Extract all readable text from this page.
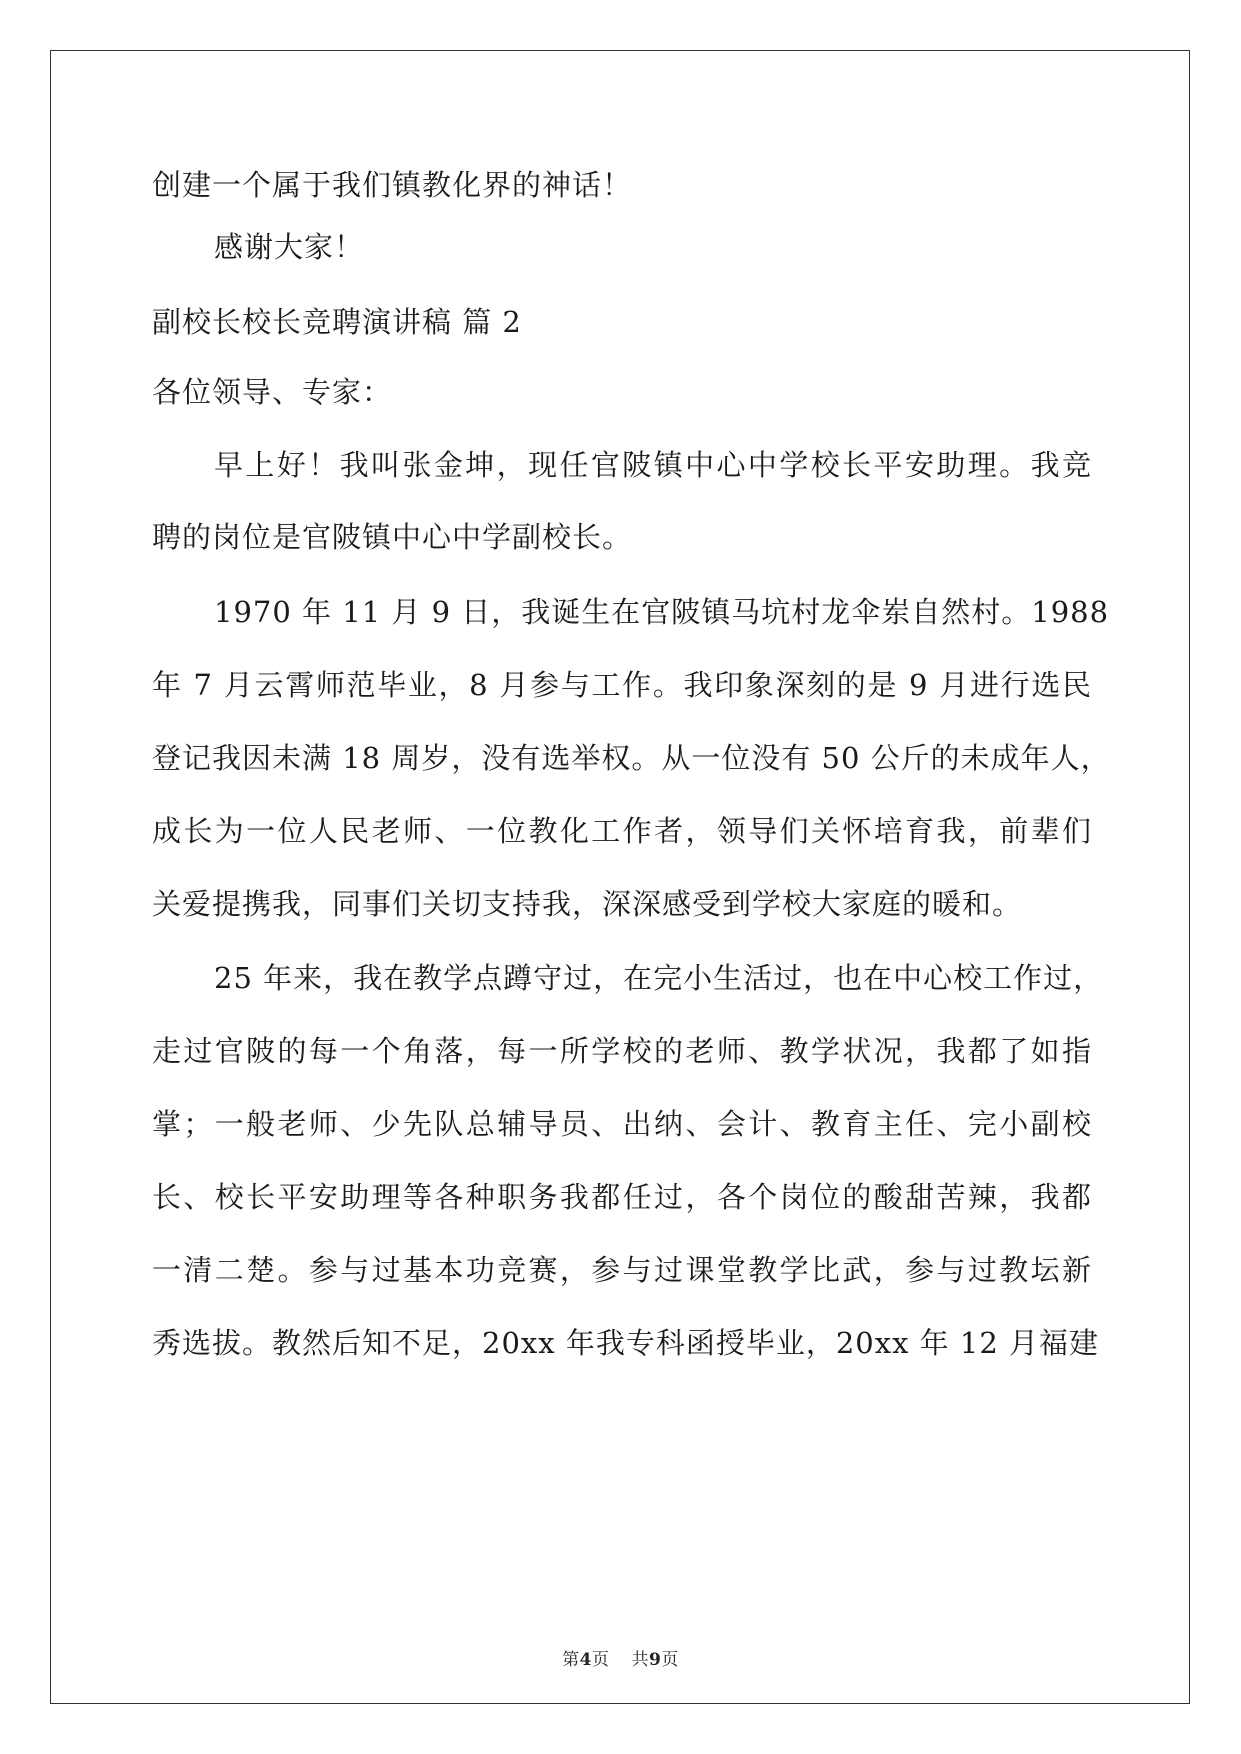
创建一个属于我们镇教化界的神话！
感谢大家！
副校长校长竞聘演讲稿 篇 2
各位领导、专家：
早上好！我叫张金坤，现任官陂镇中心中学校长平安助理。我竞
聘的岗位是官陂镇中心中学副校长。
1970 年 11 月 9 日，我诞生在官陂镇马坑村龙伞岽自然村。1988
年 7 月云霄师范毕业，8 月参与工作。我印象深刻的是 9 月进行选民
登记我因未满 18 周岁，没有选举权。从一位没有 50 公斤的未成年人，
成长为一位人民老师、一位教化工作者，领导们关怀培育我，前辈们
关爱提携我，同事们关切支持我，深深感受到学校大家庭的暖和。
25 年来，我在教学点蹲守过，在完小生活过，也在中心校工作过，
走过官陂的每一个角落，每一所学校的老师、教学状况，我都了如指
掌；一般老师、少先队总辅导员、出纳、会计、教育主任、完小副校
长、校长平安助理等各种职务我都任过，各个岗位的酸甜苦辣，我都
一清二楚。参与过基本功竞赛，参与过课堂教学比武，参与过教坛新
秀选拔。教然后知不足，20xx 年我专科函授毕业，20xx 年 12 月福建
第4页 共9页
